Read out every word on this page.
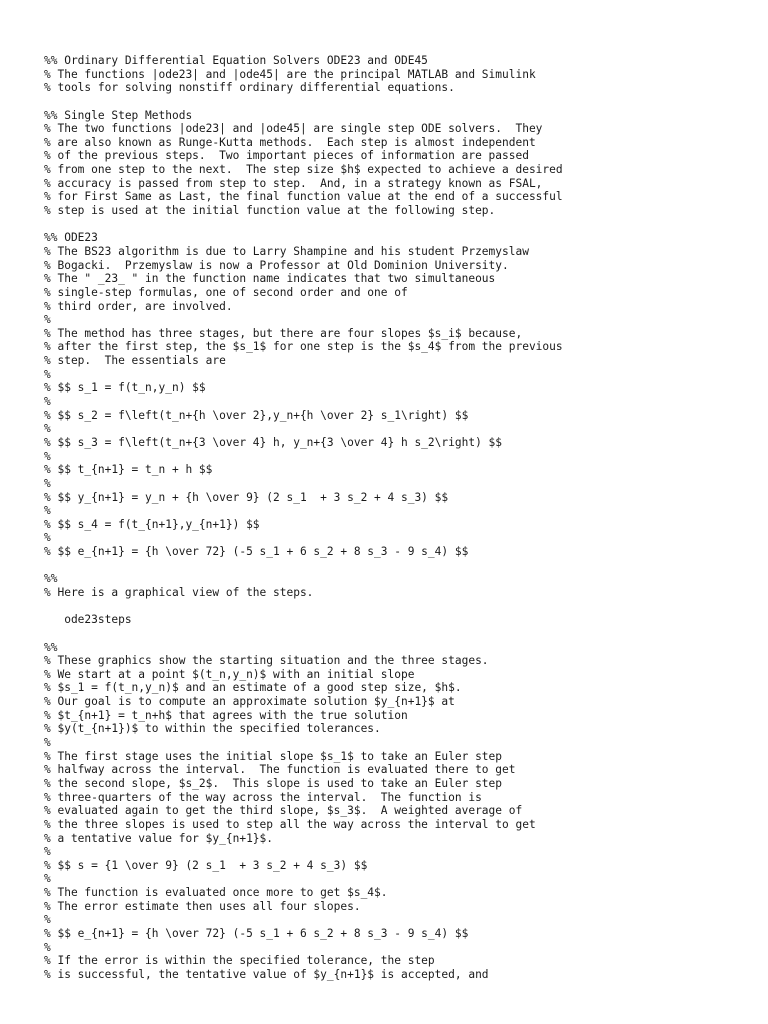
%% Ordinary Differential Equation Solvers ODE23 and ODE45
% The functions |ode23| and |ode45| are the principal MATLAB and Simulink
% tools for solving nonstiff ordinary differential equations.
%% Single Step Methods
% The two functions |ode23| and |ode45| are single step ODE solvers.  They
% are also known as Runge-Kutta methods.  Each step is almost independent
% of the previous steps.  Two important pieces of information are passed
% from one step to the next.  The step size $h$ expected to achieve a desired
% accuracy is passed from step to step.  And, in a strategy known as FSAL,
% for First Same as Last, the final function value at the end of a successful
% step is used at the initial function value at the following step.
%% ODE23
% The BS23 algorithm is due to Larry Shampine and his student Przemyslaw
% Bogacki.  Przemyslaw is now a Professor at Old Dominion University.
% The " _23_ " in the function name indicates that two simultaneous
% single-step formulas, one of second order and one of
% third order, are involved.
%
% The method has three stages, but there are four slopes $s_i$ because,
% after the first step, the $s_1$ for one step is the $s_4$ from the previous
% step.  The essentials are
%
% $$ s_1 = f(t_n,y_n) $$
%
% $$ s_2 = f\left(t_n+{h \over 2},y_n+{h \over 2} s_1\right) $$
%
% $$ s_3 = f\left(t_n+{3 \over 4} h, y_n+{3 \over 4} h s_2\right) $$
%
% $$ t_{n+1} = t_n + h $$
%
% $$ y_{n+1} = y_n + {h \over 9} (2 s_1  + 3 s_2 + 4 s_3) $$
%
% $$ s_4 = f(t_{n+1},y_{n+1}) $$
%
% $$ e_{n+1} = {h \over 72} (-5 s_1 + 6 s_2 + 8 s_3 - 9 s_4) $$
%%
% Here is a graphical view of the steps.
ode23steps
%%
% These graphics show the starting situation and the three stages.
% We start at a point $(t_n,y_n)$ with an initial slope
% $s_1 = f(t_n,y_n)$ and an estimate of a good step size, $h$.
% Our goal is to compute an approximate solution $y_{n+1}$ at
% $t_{n+1} = t_n+h$ that agrees with the true solution
% $y(t_{n+1})$ to within the specified tolerances.
%
% The first stage uses the initial slope $s_1$ to take an Euler step
% halfway across the interval.  The function is evaluated there to get
% the second slope, $s_2$.  This slope is used to take an Euler step
% three-quarters of the way across the interval.  The function is
% evaluated again to get the third slope, $s_3$.  A weighted average of
% the three slopes is used to step all the way across the interval to get
% a tentative value for $y_{n+1}$.
%
% $$ s = {1 \over 9} (2 s_1  + 3 s_2 + 4 s_3) $$
%
% The function is evaluated once more to get $s_4$.
% The error estimate then uses all four slopes.
%
% $$ e_{n+1} = {h \over 72} (-5 s_1 + 6 s_2 + 8 s_3 - 9 s_4) $$
%
% If the error is within the specified tolerance, the step
% is successful, the tentative value of $y_{n+1}$ is accepted, and
